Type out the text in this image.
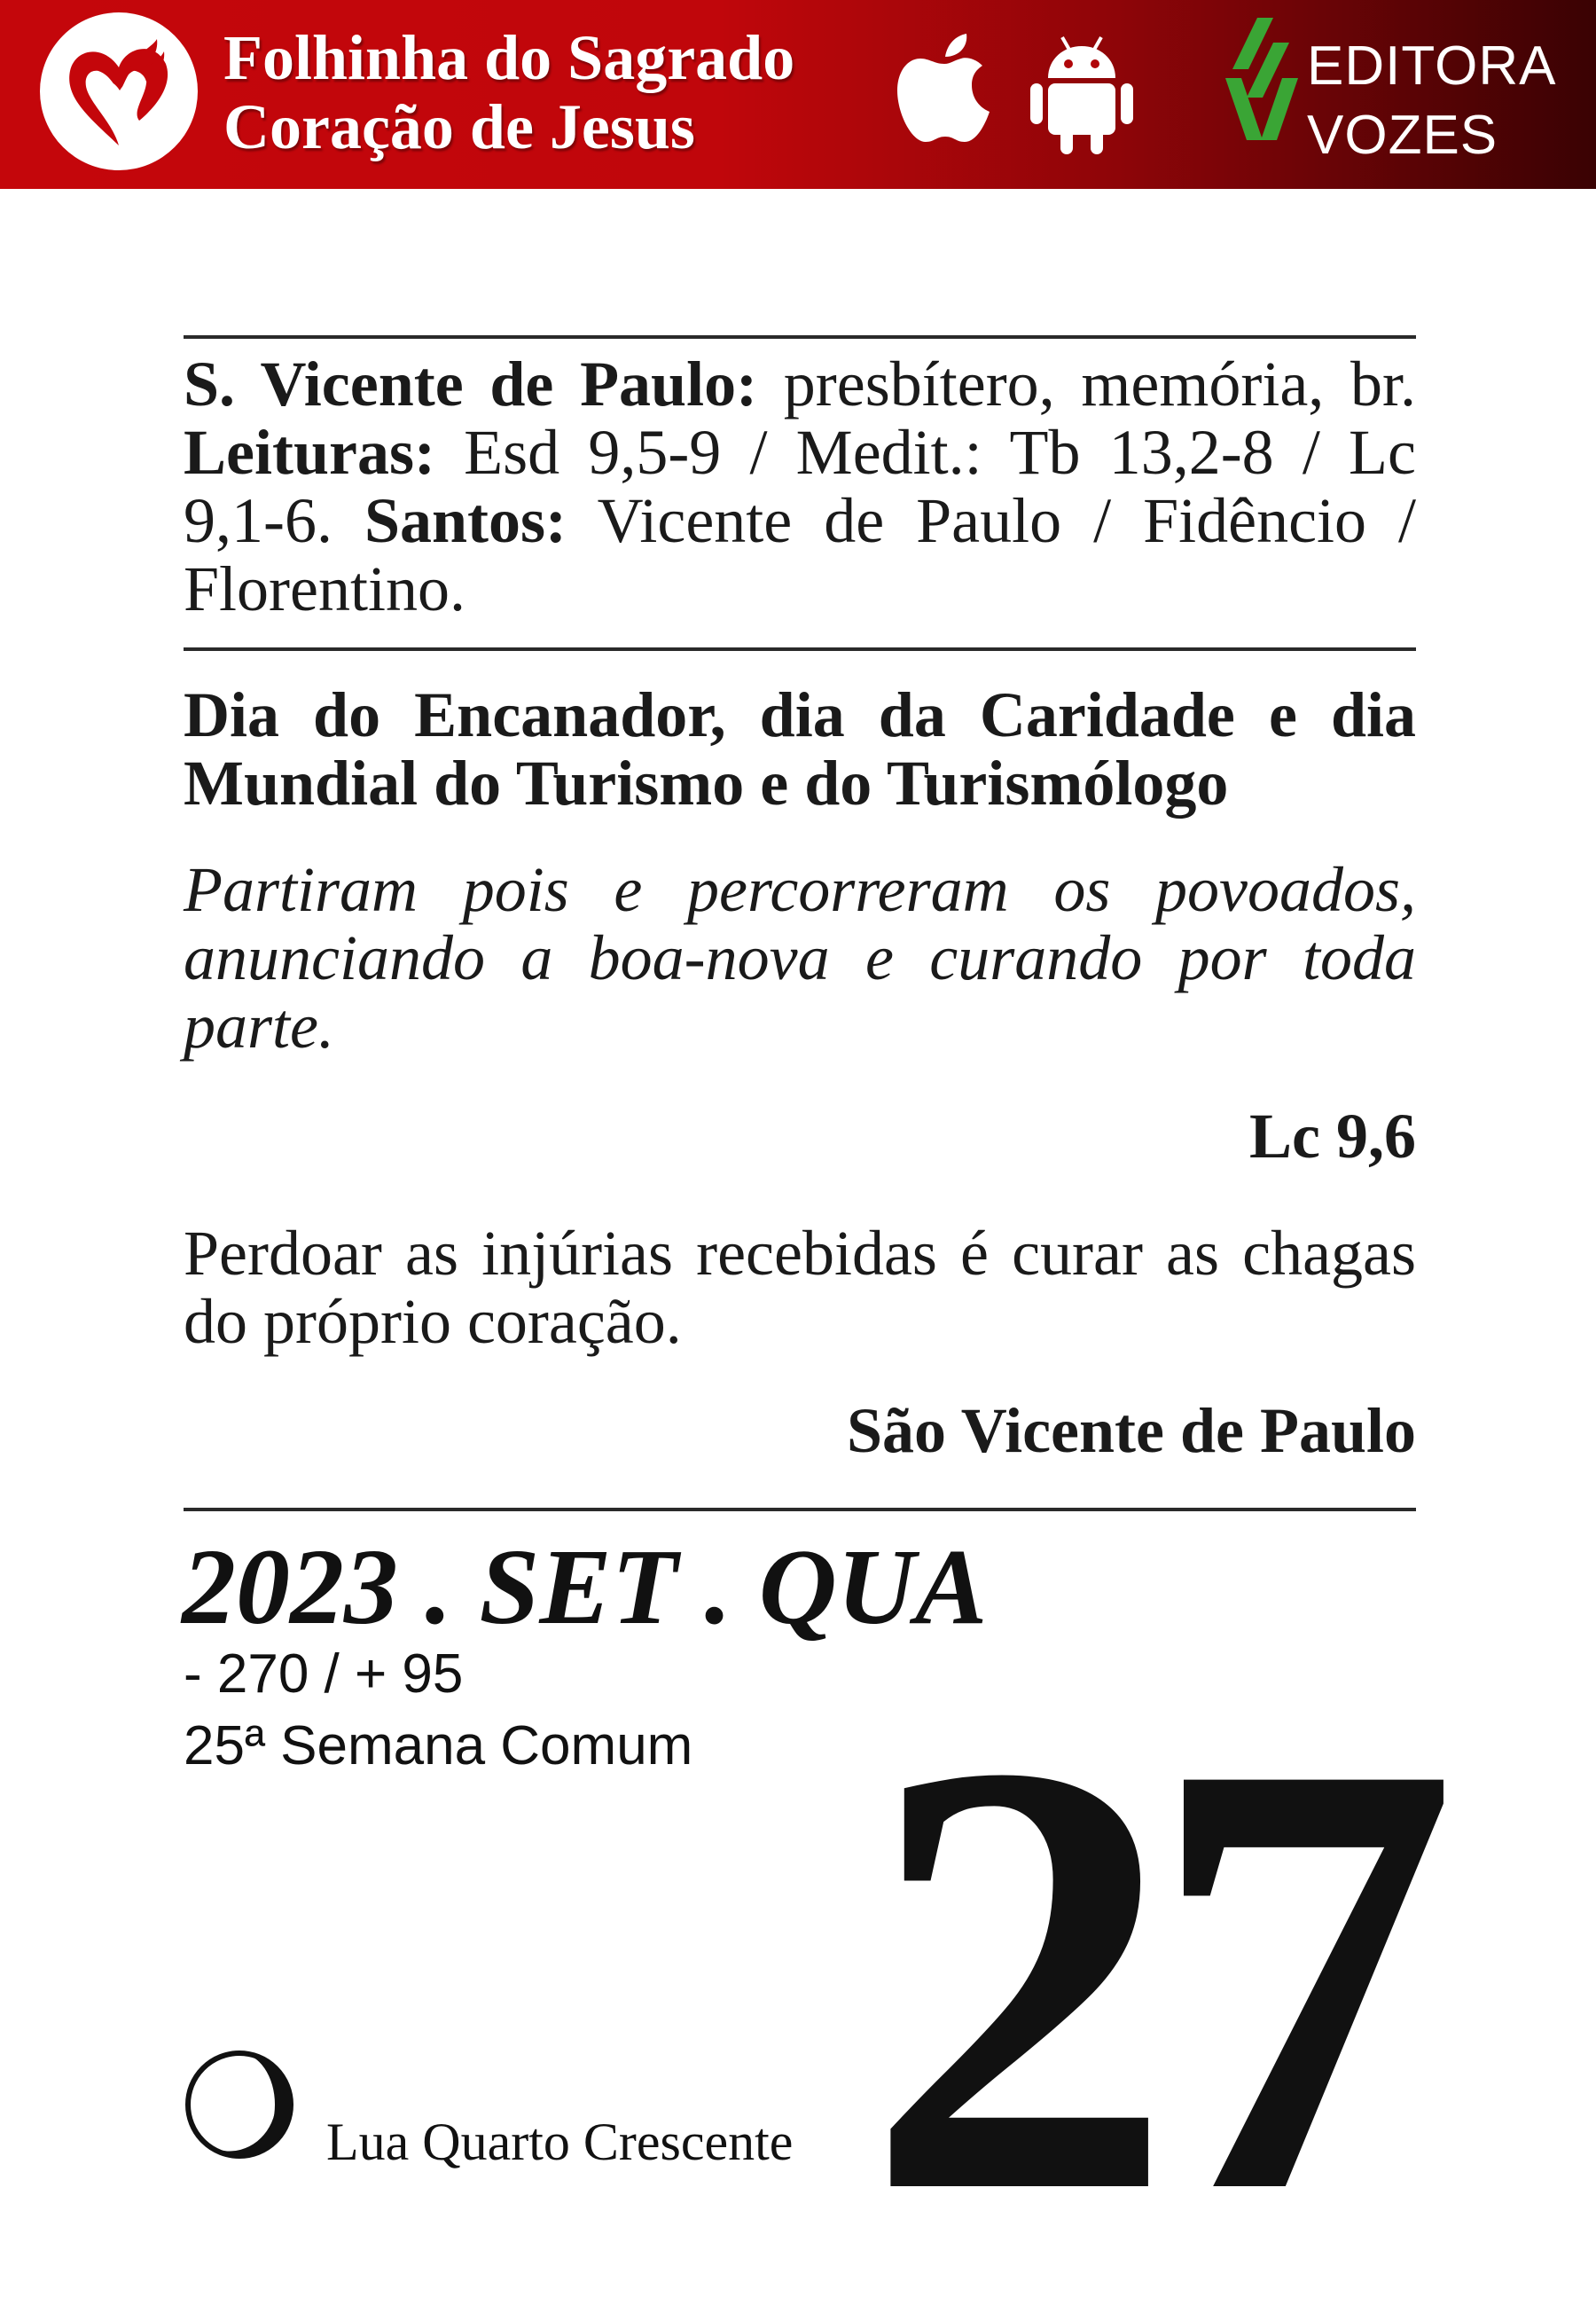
Folhinha do Sagrado
Coração de Jesus
EDITORA
VOZES
S. Vicente de Paulo: presbítero, memória, br. Leituras: Esd 9,5-9 / Medit.: Tb 13,2-8 / Lc 9,1-6. Santos: Vicente de Paulo / Fidêncio / Florentino.
Dia do Encanador, dia da Caridade e dia Mundial do Turismo e do Turismólogo
Partiram pois e percorreram os povoados, anunciando a boa-nova e curando por toda parte.
Lc 9,6
Perdoar as injúrias recebidas é curar as chagas do próprio coração.
São Vicente de Paulo
2023 . SET . QUA
- 270 / + 95
25ª Semana Comum 27
Lua Quarto Crescente
